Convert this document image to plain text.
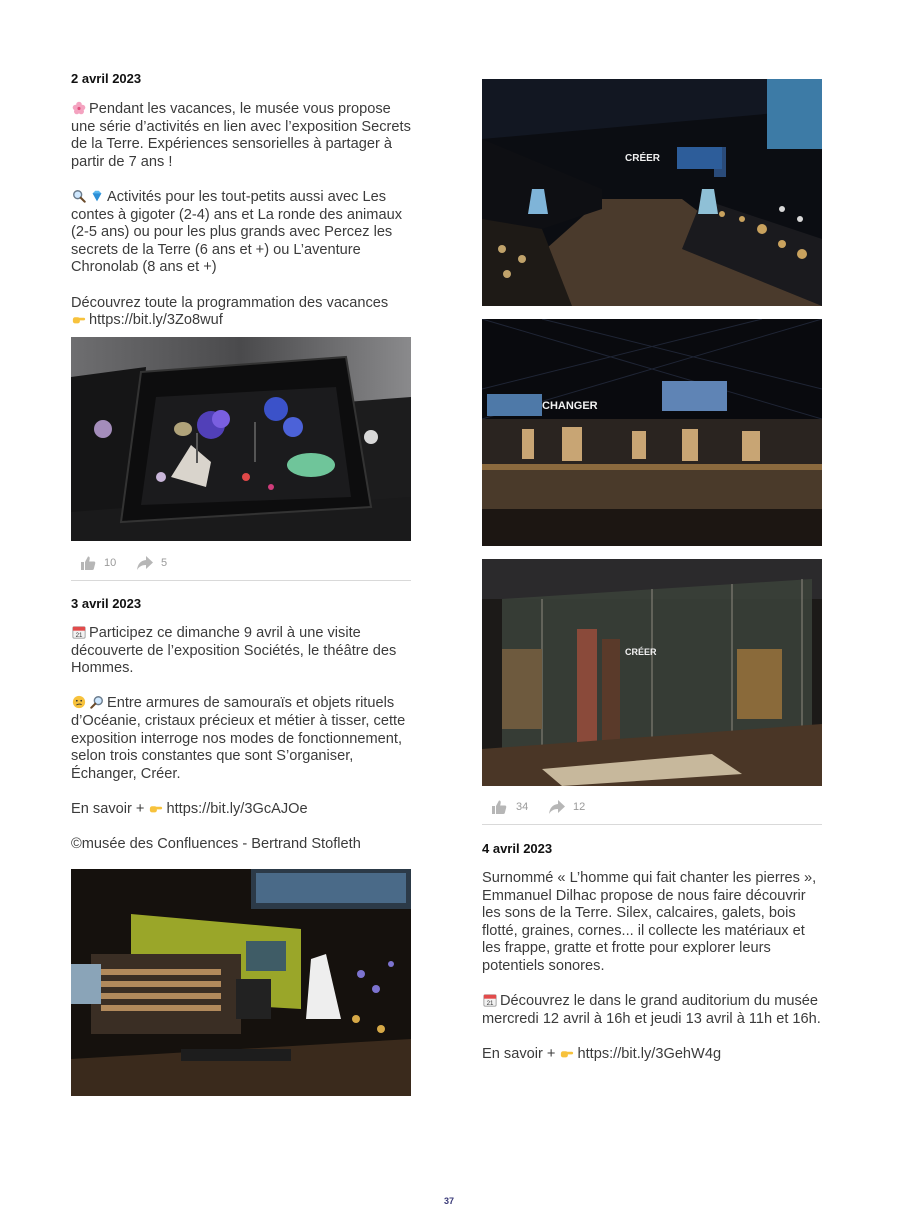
2 avril 2023

Pendant les vacances, le musée vous propose une série d’activités en lien avec l’exposition Secrets de la Terre. Expériences sensorielles à partager à partir de 7 ans !

Activités pour les tout-petits aussi avec Les contes à gigoter (2-4) ans et La ronde des animaux (2-5 ans) ou pour les plus grands avec Percez les secrets de la Terre (6 ans et +) ou L’aventure Chronolab (8 ans et +)

Découvrez toute la programmation des vacances
https://bit.ly/3Zo8wuf

10	5
3 avril 2023

21 Participez ce dimanche 9 avril à une visite découverte de l’exposition Sociétés, le théâtre des Hommes.

Entre armures de samouraïs et objets rituels d’Océanie, cristaux précieux et métier à tisser, cette exposition interroge nos modes de fonctionnement, selon trois constantes que sont S’organiser, Échanger, Créer.

En savoir + https://bit.ly/3GcAJOe

©musée des Confluences - Bertrand Stofleth

CRÉER
CHANGER
CRÉER
34	12
4 avril 2023

Surnommé « L’homme qui fait chanter les pierres », Emmanuel Dilhac propose de nous faire découvrir les sons de la Terre. Silex, calcaires, galets, bois flotté, graines, cornes... il collecte les matériaux et les frappe, gratte et frotte pour explorer leurs potentiels sonores.

21 Découvrez le dans le grand auditorium du musée mercredi 12 avril à 16h et jeudi 13 avril à 11h et 16h.

En savoir + https://bit.ly/3GehW4g

37
